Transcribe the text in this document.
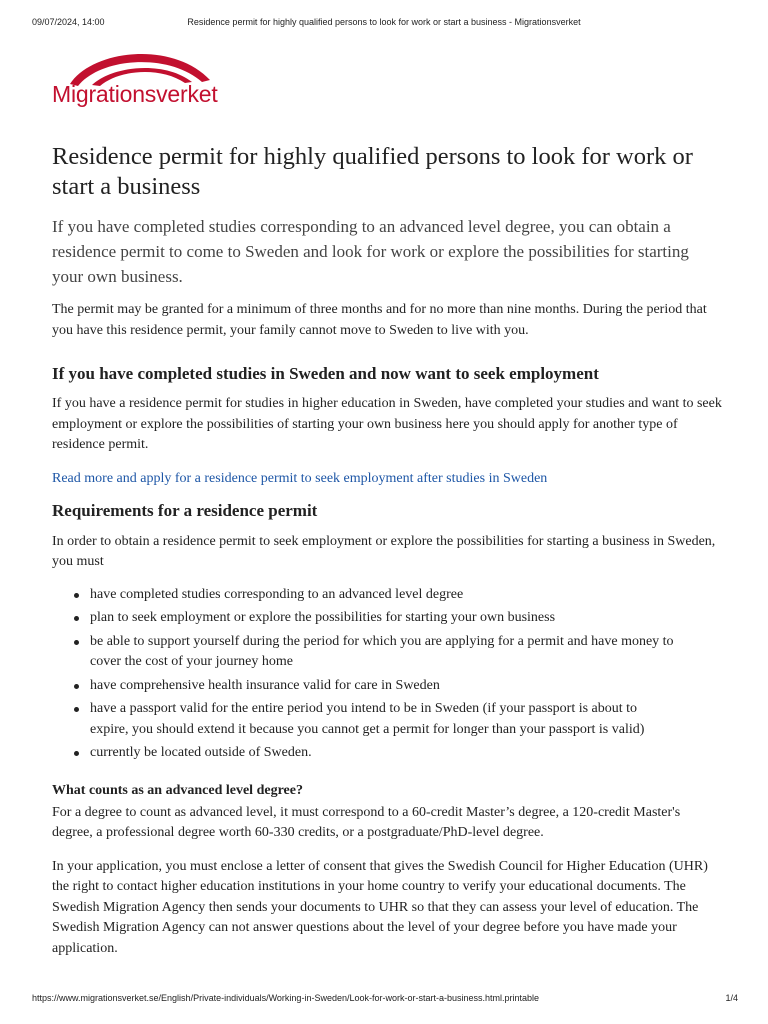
09/07/2024, 14:00	Residence permit for highly qualified persons to look for work or start a business - Migrationsverket
Migrationsverket
Residence permit for highly qualified persons to look for work or start a business

If you have completed studies corresponding to an advanced level degree, you can obtain a residence permit to come to Sweden and look for work or explore the possibilities for starting your own business.

The permit may be granted for a minimum of three months and for no more than nine months. During the period that you have this residence permit, your family cannot move to Sweden to live with you.

If you have completed studies in Sweden and now want to seek employment

If you have a residence permit for studies in higher education in Sweden, have completed your studies and want to seek employment or explore the possibilities of starting your own business here you should apply for another type of residence permit.

Read more and apply for a residence permit to seek employment after studies in Sweden
Requirements for a residence permit

In order to obtain a residence permit to seek employment or explore the possibilities for starting a business in Sweden, you must

have completed studies corresponding to an advanced level degree
plan to seek employment or explore the possibilities for starting your own business
be able to support yourself during the period for which you are applying for a permit and have money to cover the cost of your journey home
have comprehensive health insurance valid for care in Sweden
have a passport valid for the entire period you intend to be in Sweden (if your passport is about to expire, you should extend it because you cannot get a permit for longer than your passport is valid)
currently be located outside of Sweden.
What counts as an advanced level degree?

For a degree to count as advanced level, it must correspond to a 60-credit Master’s degree, a 120-credit Master's degree, a professional degree worth 60-330 credits, or a postgraduate/PhD-level degree.

In your application, you must enclose a letter of consent that gives the Swedish Council for Higher Education (UHR) the right to contact higher education institutions in your home country to verify your educational documents. The Swedish Migration Agency then sends your documents to UHR so that they can assess your level of education. The Swedish Migration Agency can not answer questions about the level of your degree before you have made your application.

https://www.migrationsverket.se/English/Private-individuals/Working-in-Sweden/Look-for-work-or-start-a-business.html.printable	1/4
